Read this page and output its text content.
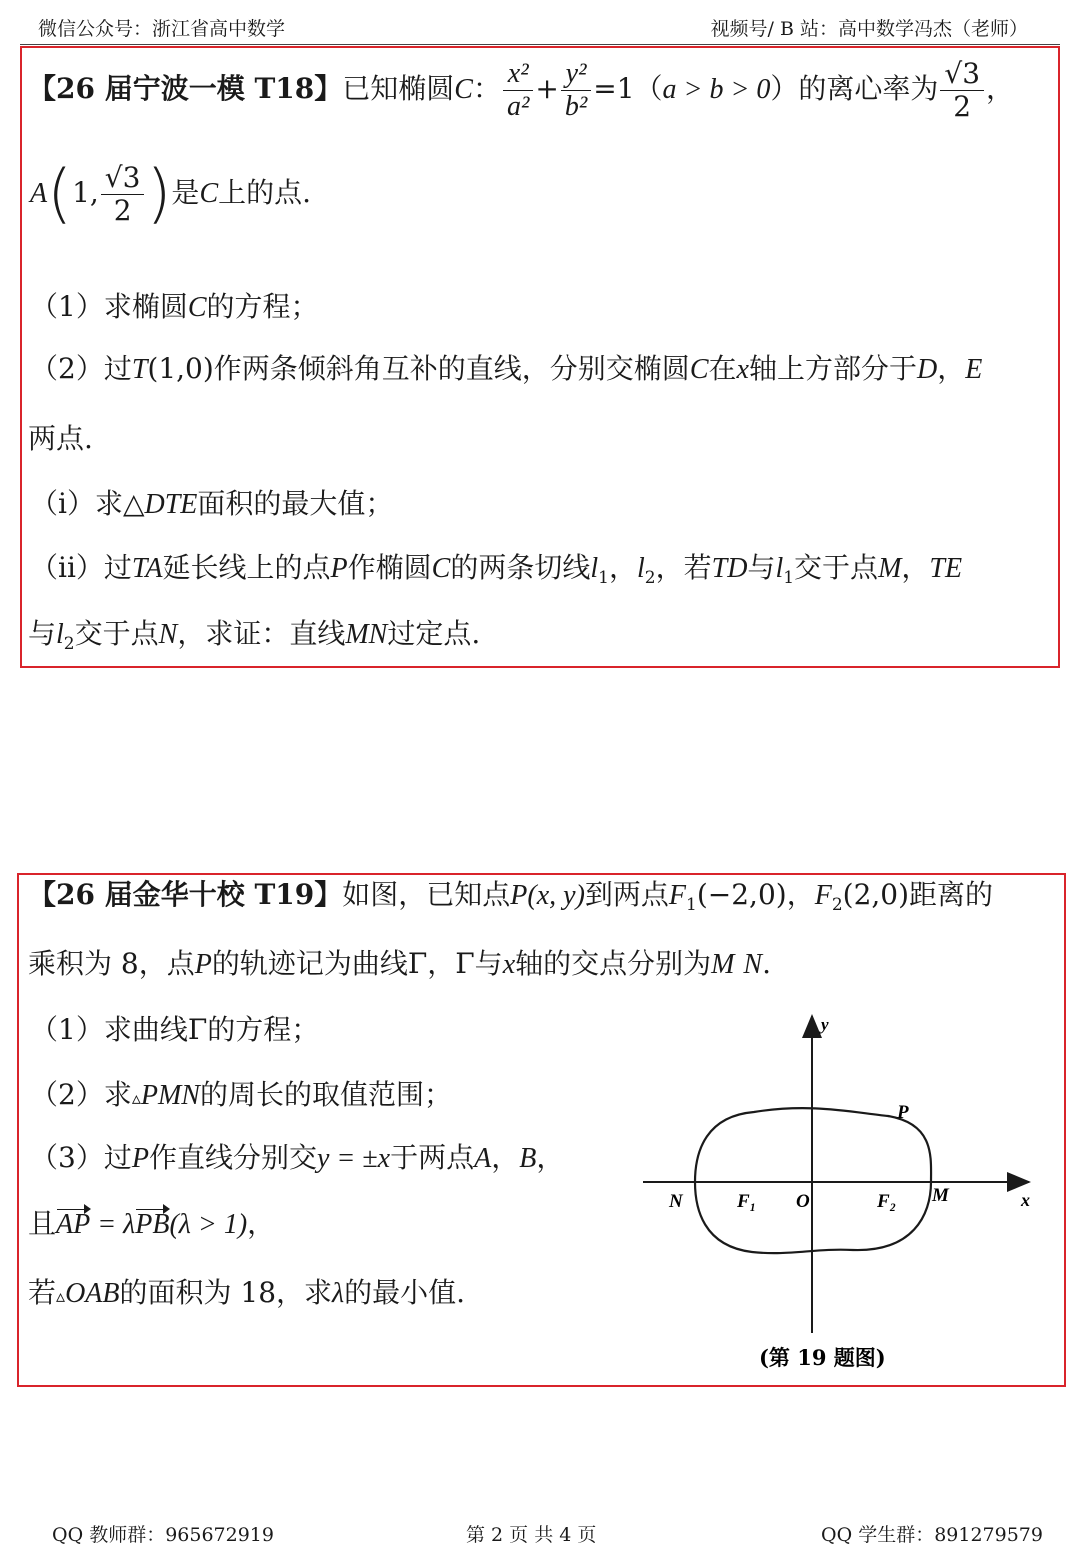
微信公众号：浙江省高中数学	视频号/ B 站：高中数学冯杰（老师）
【26 届宁波一模 T18】已知椭圆C： $\frac{\text{x²}}{\text{a²}} + \frac{\text{y²}}{\text{b²}} =1(a > b > 0)$的离心率为 $\frac{√3}{2}$ ，
A(1, $\frac{√3}{2}$ )是C上的点.
（1）求椭圆C的方程；
（2）过T(1,0)作两条倾斜角互补的直线，分别交椭圆C在x轴上方部分于D，E
两点.
（i）求△DTE面积的最大值；
（ii）过TA延长线上的点P作椭圆C的两条切线$l_1$，$l_2$，若TD与$l_1$交于点M，TE
与$l_2$交于点N，求证：直线MN过定点.
【26 届金华十校 T19】如图，已知点P(x, y)到两点$F_1(-2,0)$，$F_2(2,0)$距离的
乘积为 8，点P的轨迹记为曲线Γ，Γ与x轴的交点分别为M N.
（1）求曲线Γ的方程；
（2）求▵PMN的周长的取值范围；
（3）过P作直线分别交y = ±x于两点A，B，
且AP = λPB(λ > 1)，
若▵OAB的面积为 18，求λ的最小值.
y
x
N	F₁ O	F₂ M
P
(第 19 题图)
QQ 教师群：965672919	第 2 页 共 4 页	QQ 学生群：891279579
